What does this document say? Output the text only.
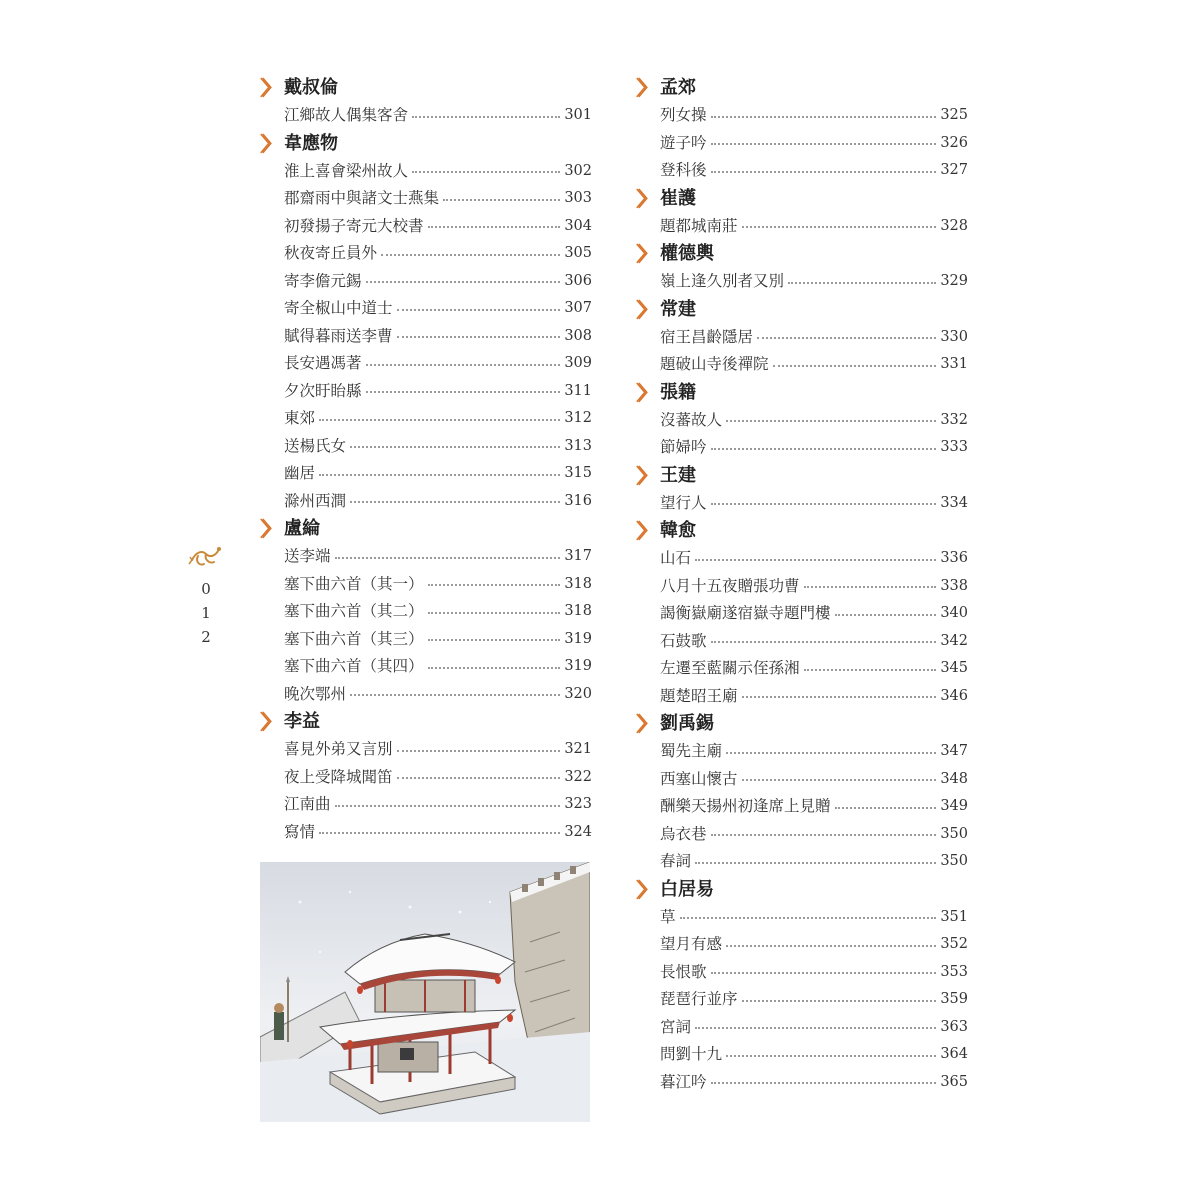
〉〉 戴叔倫
江鄉故人偶集客舍	301
〉〉 韋應物
淮上喜會梁州故人	302
郡齋雨中與諸文士燕集	303
初發揚子寄元大校書	304
秋夜寄丘員外	305
寄李儋元錫	306
寄全椒山中道士	307
賦得暮雨送李曹	308
長安遇馮著	309
夕次盱眙縣	311
東郊	312
送楊氏女	313
幽居	315
滁州西澗	316
〉〉 盧綸
送李端	317
塞下曲六首（其一）	318
塞下曲六首（其二）	318
塞下曲六首（其三）	319
塞下曲六首（其四）	319
晚次鄂州	320
〉〉 李益
喜見外弟又言別	321
夜上受降城聞笛	322
江南曲	323
寫情	324
〉〉 孟郊
列女操	325
遊子吟	326
登科後	327
〉〉 崔護
題都城南莊	328
〉〉 權德輿
嶺上逢久別者又別	329
〉〉 常建
宿王昌齡隱居	330
題破山寺後禪院	331
〉〉 張籍
沒蕃故人	332
節婦吟	333
〉〉 王建
望行人	334
〉〉 韓愈
山石	336
八月十五夜贈張功曹	338
謁衡嶽廟遂宿嶽寺題門樓	340
石鼓歌	342
左遷至藍關示侄孫湘	345
題楚昭王廟	346
〉〉 劉禹錫
蜀先主廟	347
西塞山懷古	348
酬樂天揚州初逢席上見贈	349
烏衣巷	350
春詞	350
〉〉 白居易
草	351
望月有感	352
長恨歌	353
琵琶行並序	359
宮詞	363
問劉十九	364
暮江吟	365
0
1
2
